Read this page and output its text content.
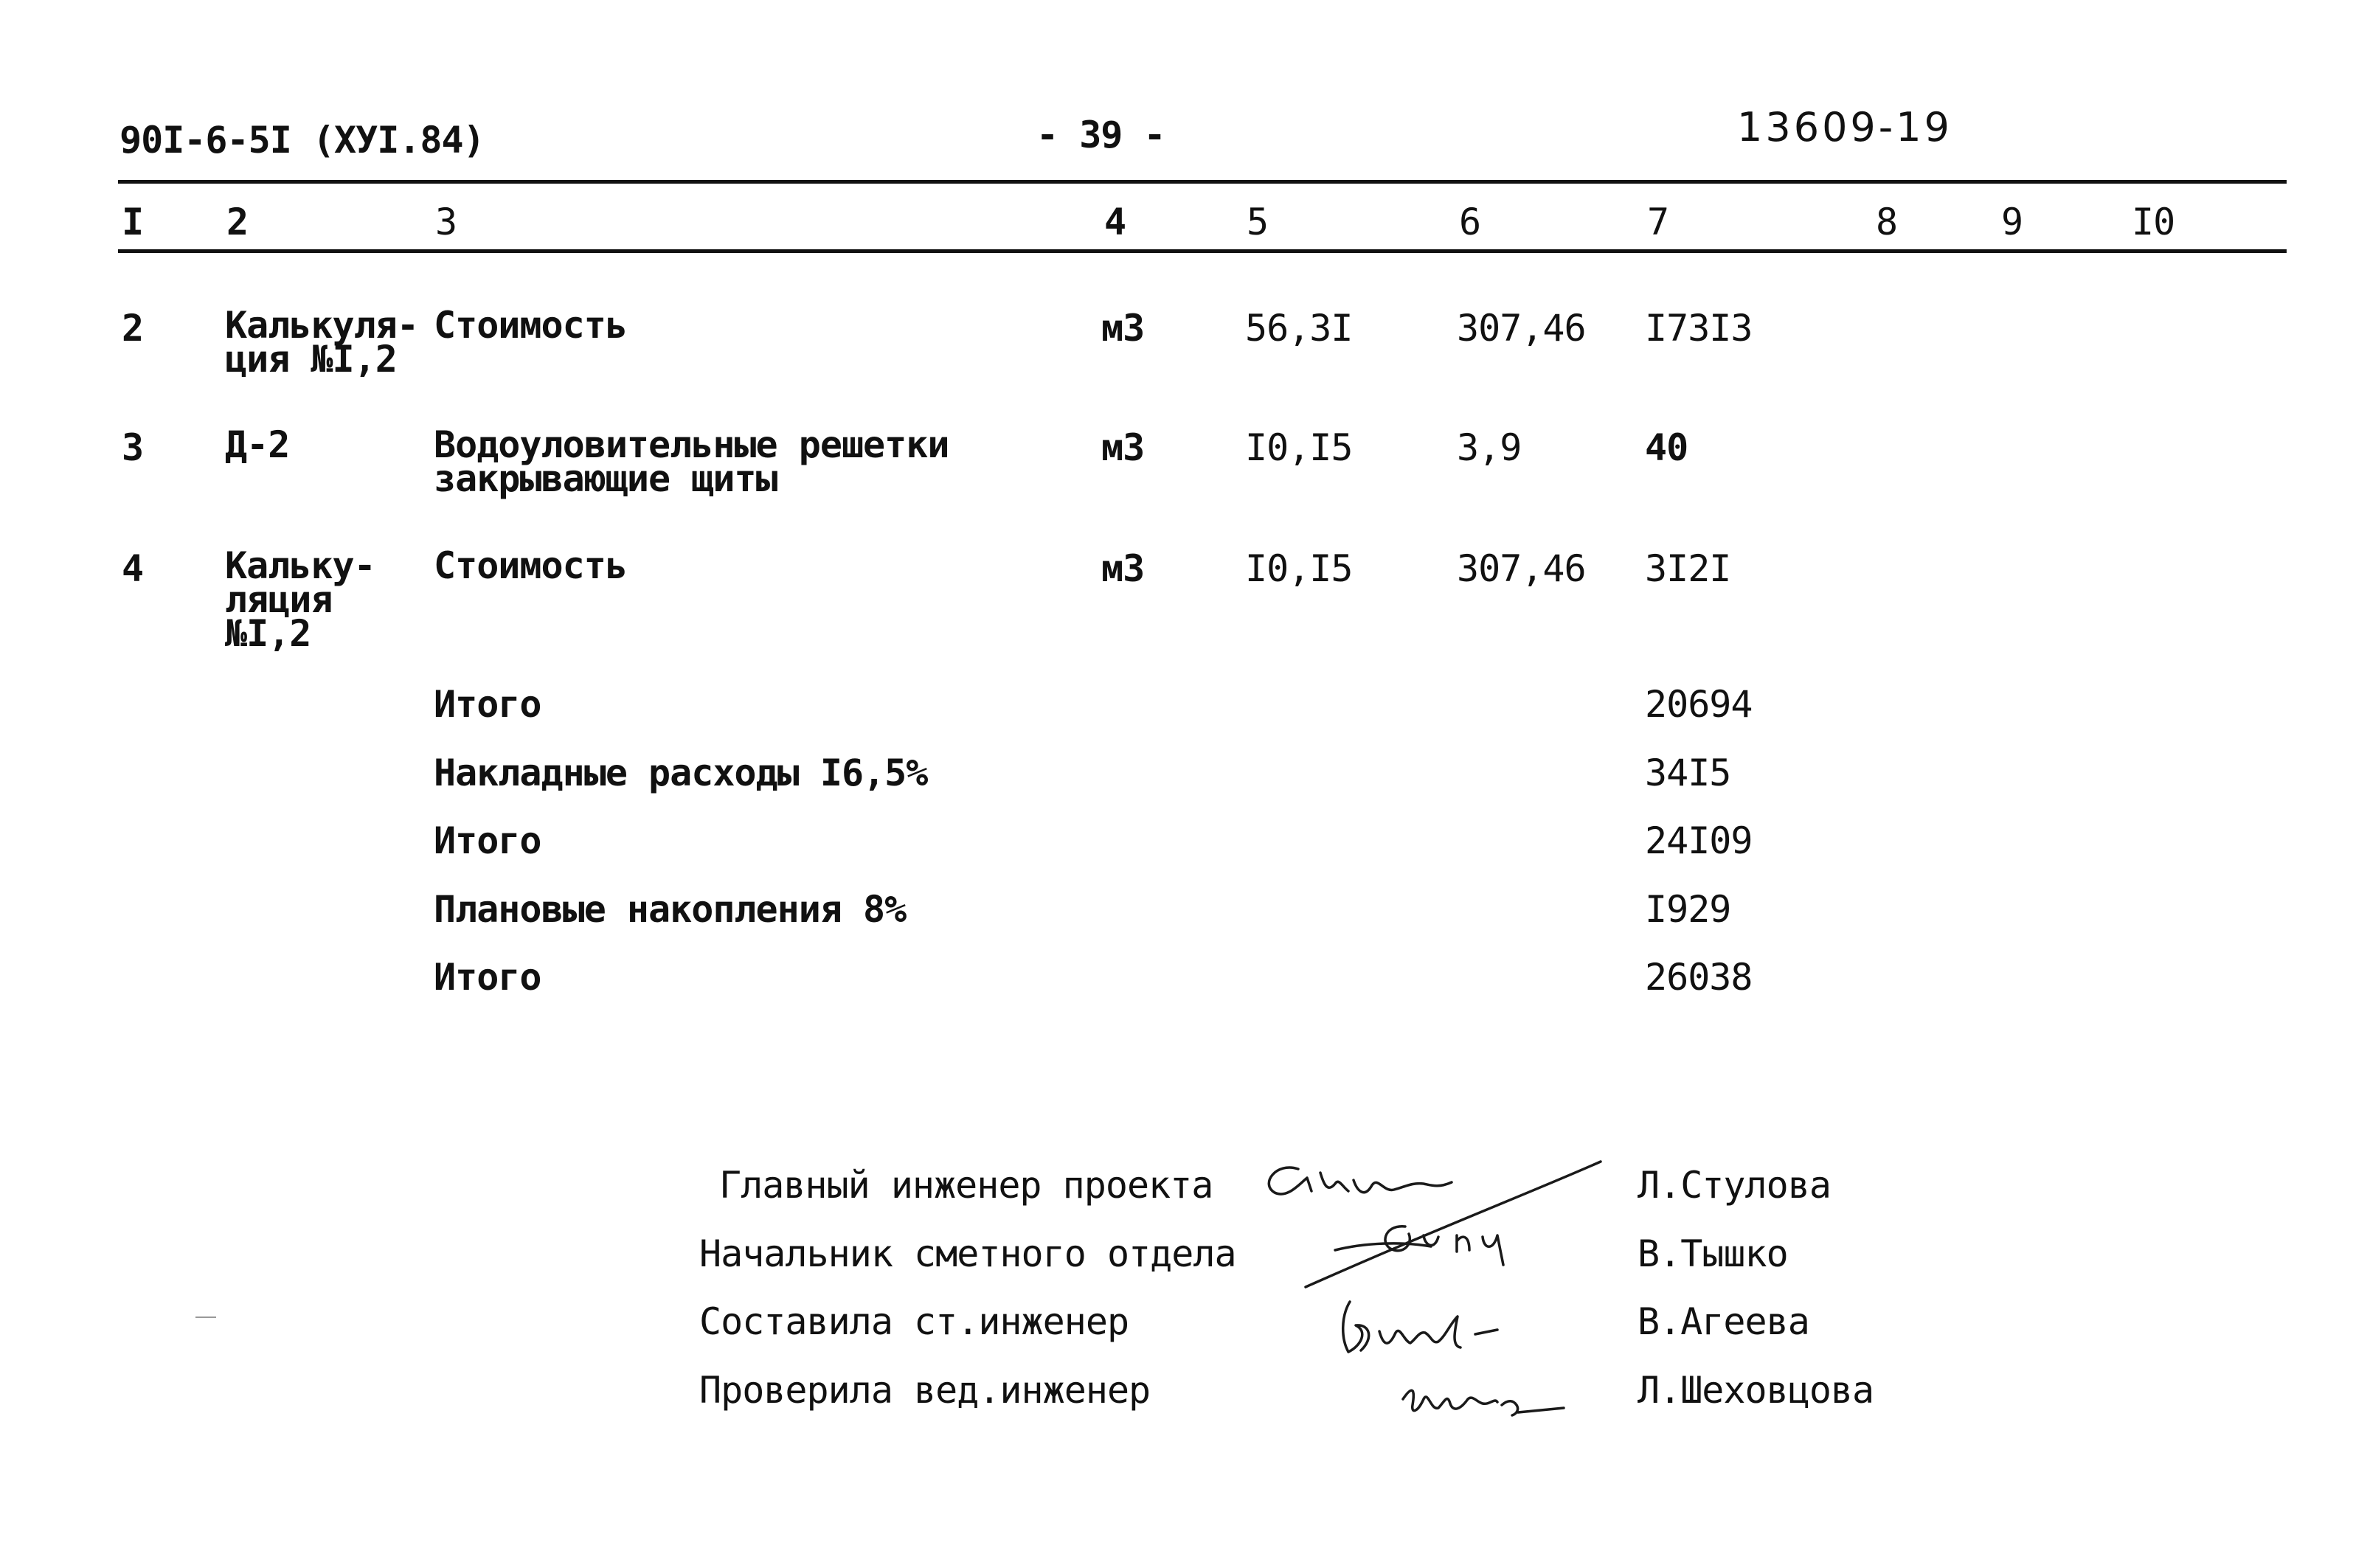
90I-6-5I (XУI.84)	- 39 -	13609-19
I 2	3	4	5	6	7	8	9	I0
2 Калькуля-
ция №I,2
Стоимость	м3	56,3I	307,46 I73I3
3 Д-2	Водоуловительные решетки
закрывающие щиты
м3	I0,I5	3,9	40
4 Кальку-
ляция
№I,2
Стоимость	м3	I0,I5	307,46 3I2I
Итого	20694
Накладные расходы I6,5%	34I5
Итого	24I09
Плановые накопления 8%	I929
Итого	26038
Главный инженер проекта	Л.Стулова
Начальник сметного отдела	В.Тышко
Составила ст.инженер	В.Агеева
Проверила вед.инженер	Л.Шеховцова
